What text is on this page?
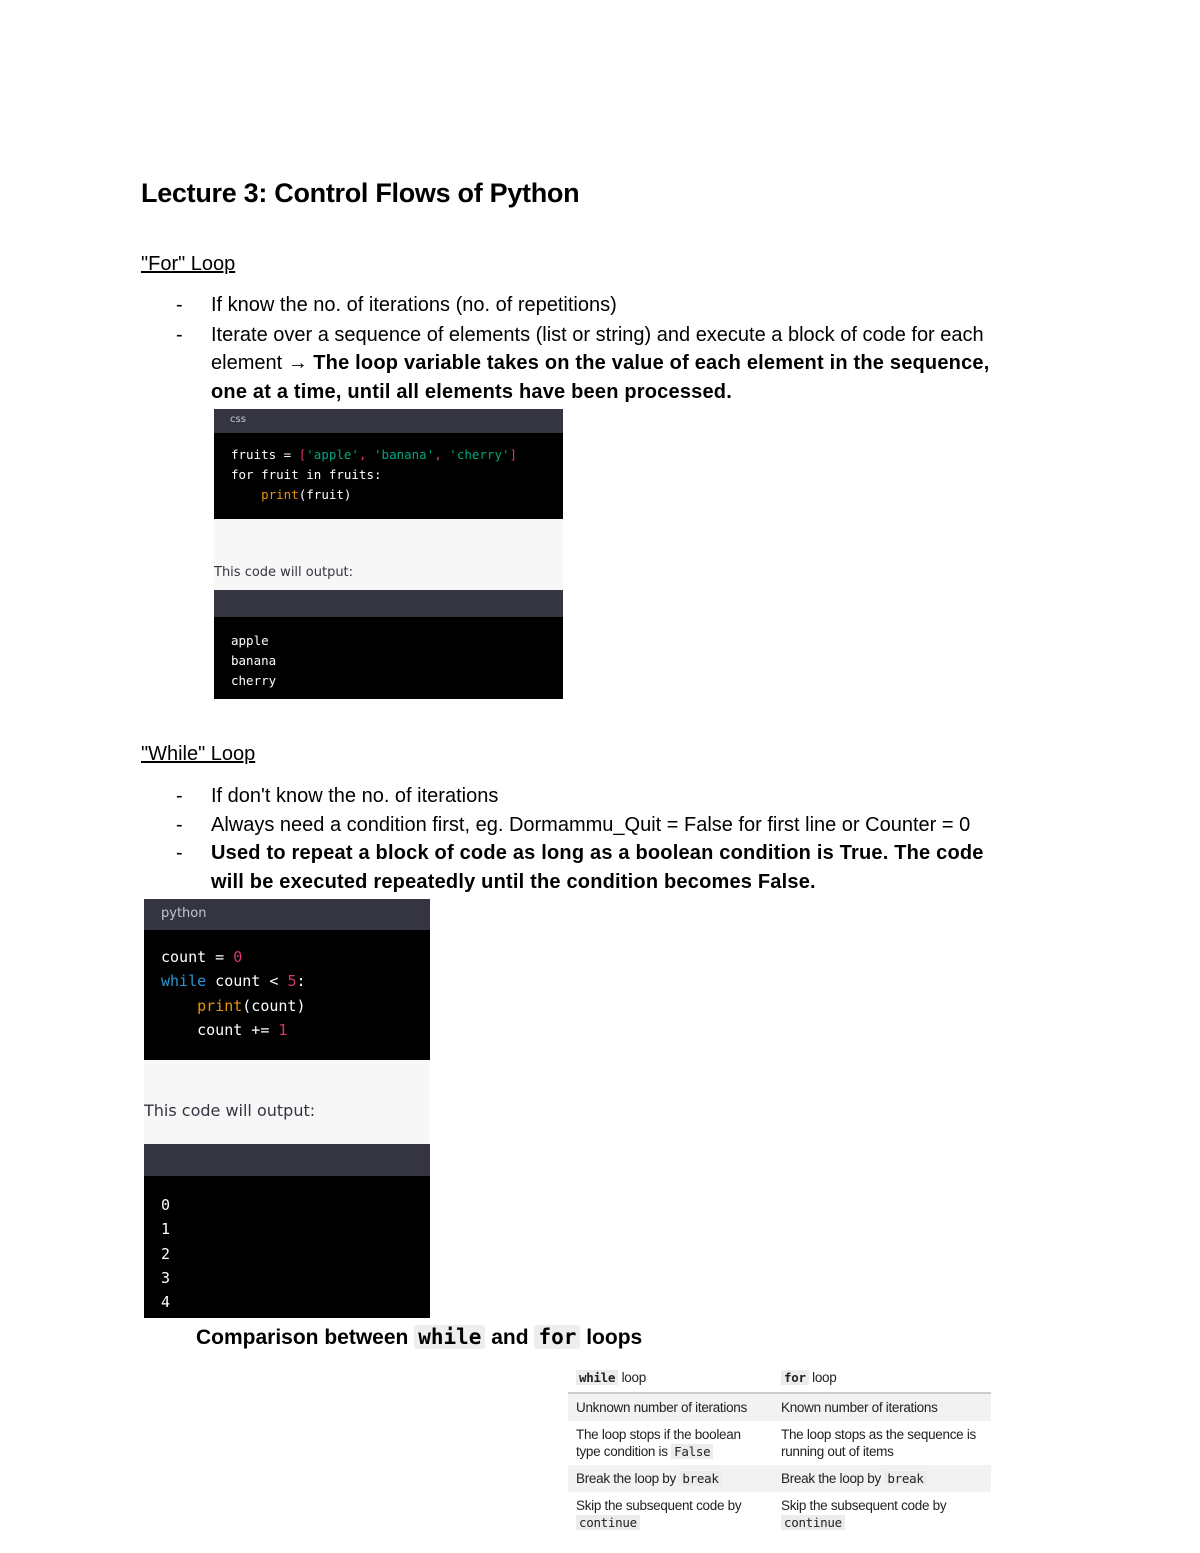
Lecture 3: Control Flows of Python
"For" Loop
- If know the no. of iterations (no. of repetitions)
- Iterate over a sequence of elements (list or string) and execute a block of code for each
element → The loop variable takes on the value of each element in the sequence,
one at a time, until all elements have been processed.
css
fruits = ['apple', 'banana', 'cherry']
for fruit in fruits:
print(fruit)
This code will output:
apple
banana
cherry
"While" Loop
- If don't know the no. of iterations
- Always need a condition first, eg. Dormammu_Quit = False for first line or Counter = 0
- Used to repeat a block of code as long as a boolean condition is True. The code
will be executed repeatedly until the condition becomes False.
python
count = 0
while count < 5:
print(count)
count += 1
This code will output:
0
1
2
3
4
Comparison between while and for loops
while loop	for loop
Unknown number of iterations	Known number of iterations
The loop stops if the boolean type condition is False	The loop stops as the sequence is running out of items
Break the loop by break	Break the loop by break
Skip the subsequent code by continue	Skip the subsequent code by continue
